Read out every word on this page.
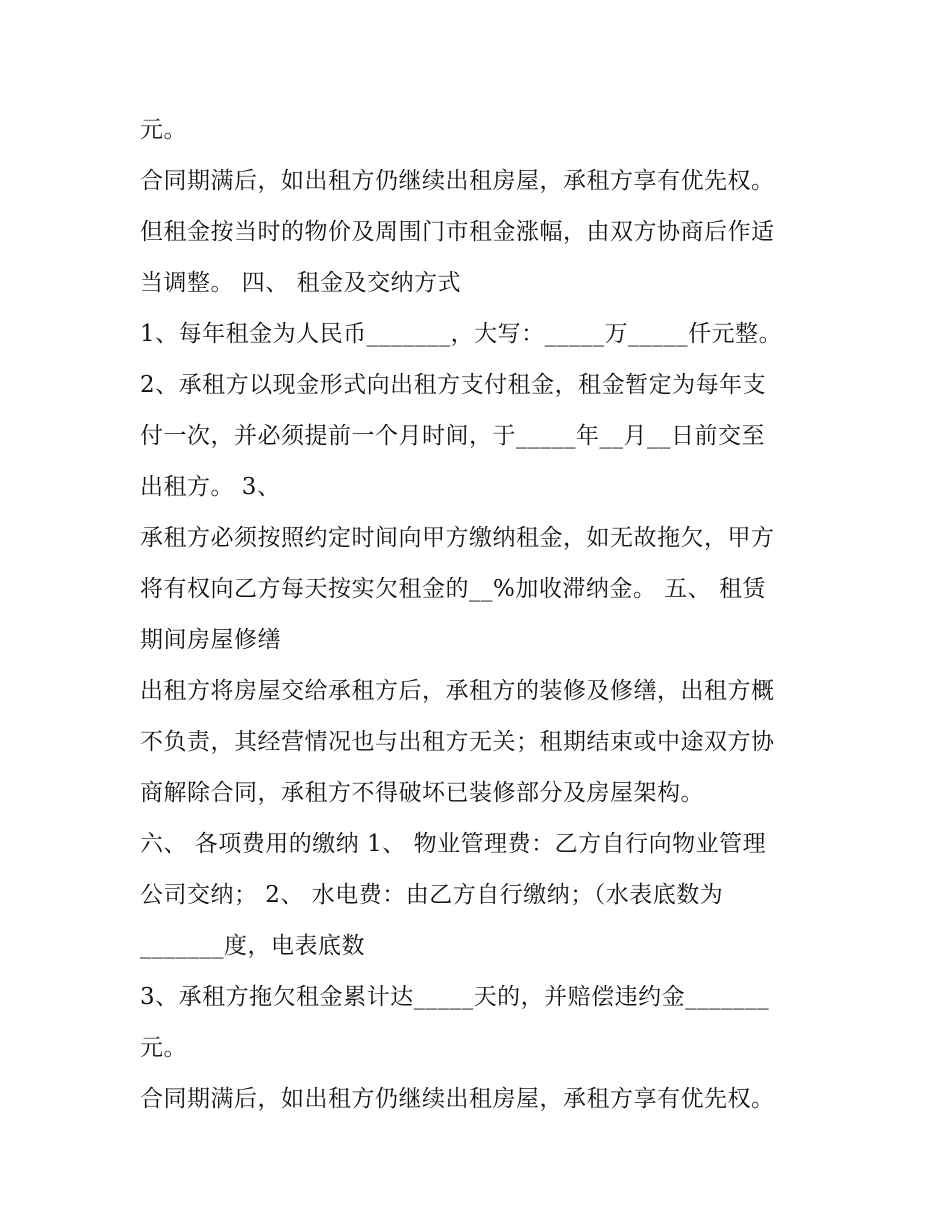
元。

合同期满后，如出租方仍继续出租房屋，承租方享有优先权。

但租金按当时的物价及周围门市租金涨幅，由双方协商后作适

当调整。 四、 租金及交纳方式

1、每年租金为人民币_______，大写：_____万_____仟元整。

2、承租方以现金形式向出租方支付租金，租金暂定为每年支

付一次，并必须提前一个月时间，于_____年__月__日前交至

出租方。 3、

承租方必须按照约定时间向甲方缴纳租金，如无故拖欠，甲方

将有权向乙方每天按实欠租金的__%加收滞纳金。 五、 租赁

期间房屋修缮

出租方将房屋交给承租方后，承租方的装修及修缮，出租方概

不负责，其经营情况也与出租方无关；租期结束或中途双方协

商解除合同，承租方不得破坏已装修部分及房屋架构。

六、 各项费用的缴纳 1、 物业管理费：乙方自行向物业管理

公司交纳； 2、 水电费：由乙方自行缴纳；（水表底数为

_______度，电表底数

3、承租方拖欠租金累计达_____天的，并赔偿违约金_______

元。

合同期满后，如出租方仍继续出租房屋，承租方享有优先权。
